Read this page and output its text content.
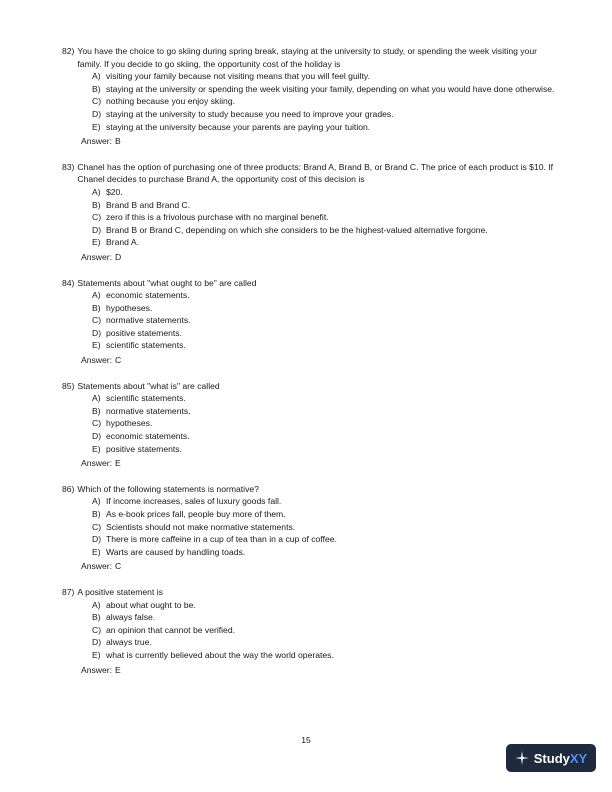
82) You have the choice to go skiing during spring break, staying at the university to study, or spending the week visiting your family. If you decide to go skiing, the opportunity cost of the holiday is
A) visiting your family because not visiting means that you will feel guilty.
B) staying at the university or spending the week visiting your family, depending on what you would have done otherwise.
C) nothing because you enjoy skiing.
D) staying at the university to study because you need to improve your grades.
E) staying at the university because your parents are paying your tuition.
Answer: B
83) Chanel has the option of purchasing one of three products: Brand A, Brand B, or Brand C. The price of each product is $10. If Chanel decides to purchase Brand A, the opportunity cost of this decision is
A) $20.
B) Brand B and Brand C.
C) zero if this is a frivolous purchase with no marginal benefit.
D) Brand B or Brand C, depending on which she considers to be the highest-valued alternative forgone.
E) Brand A.
Answer: D
84) Statements about "what ought to be" are called
A) economic statements.
B) hypotheses.
C) normative statements.
D) positive statements.
E) scientific statements.
Answer: C
85) Statements about "what is" are called
A) scientific statements.
B) normative statements.
C) hypotheses.
D) economic statements.
E) positive statements.
Answer: E
86) Which of the following statements is normative?
A) If income increases, sales of luxury goods fall.
B) As e-book prices fall, people buy more of them.
C) Scientists should not make normative statements.
D) There is more caffeine in a cup of tea than in a cup of coffee.
E) Warts are caused by handling toads.
Answer: C
87) A positive statement is
A) about what ought to be.
B) always false.
C) an opinion that cannot be verified.
D) always true.
E) what is currently believed about the way the world operates.
Answer: E
15
StudyXY
